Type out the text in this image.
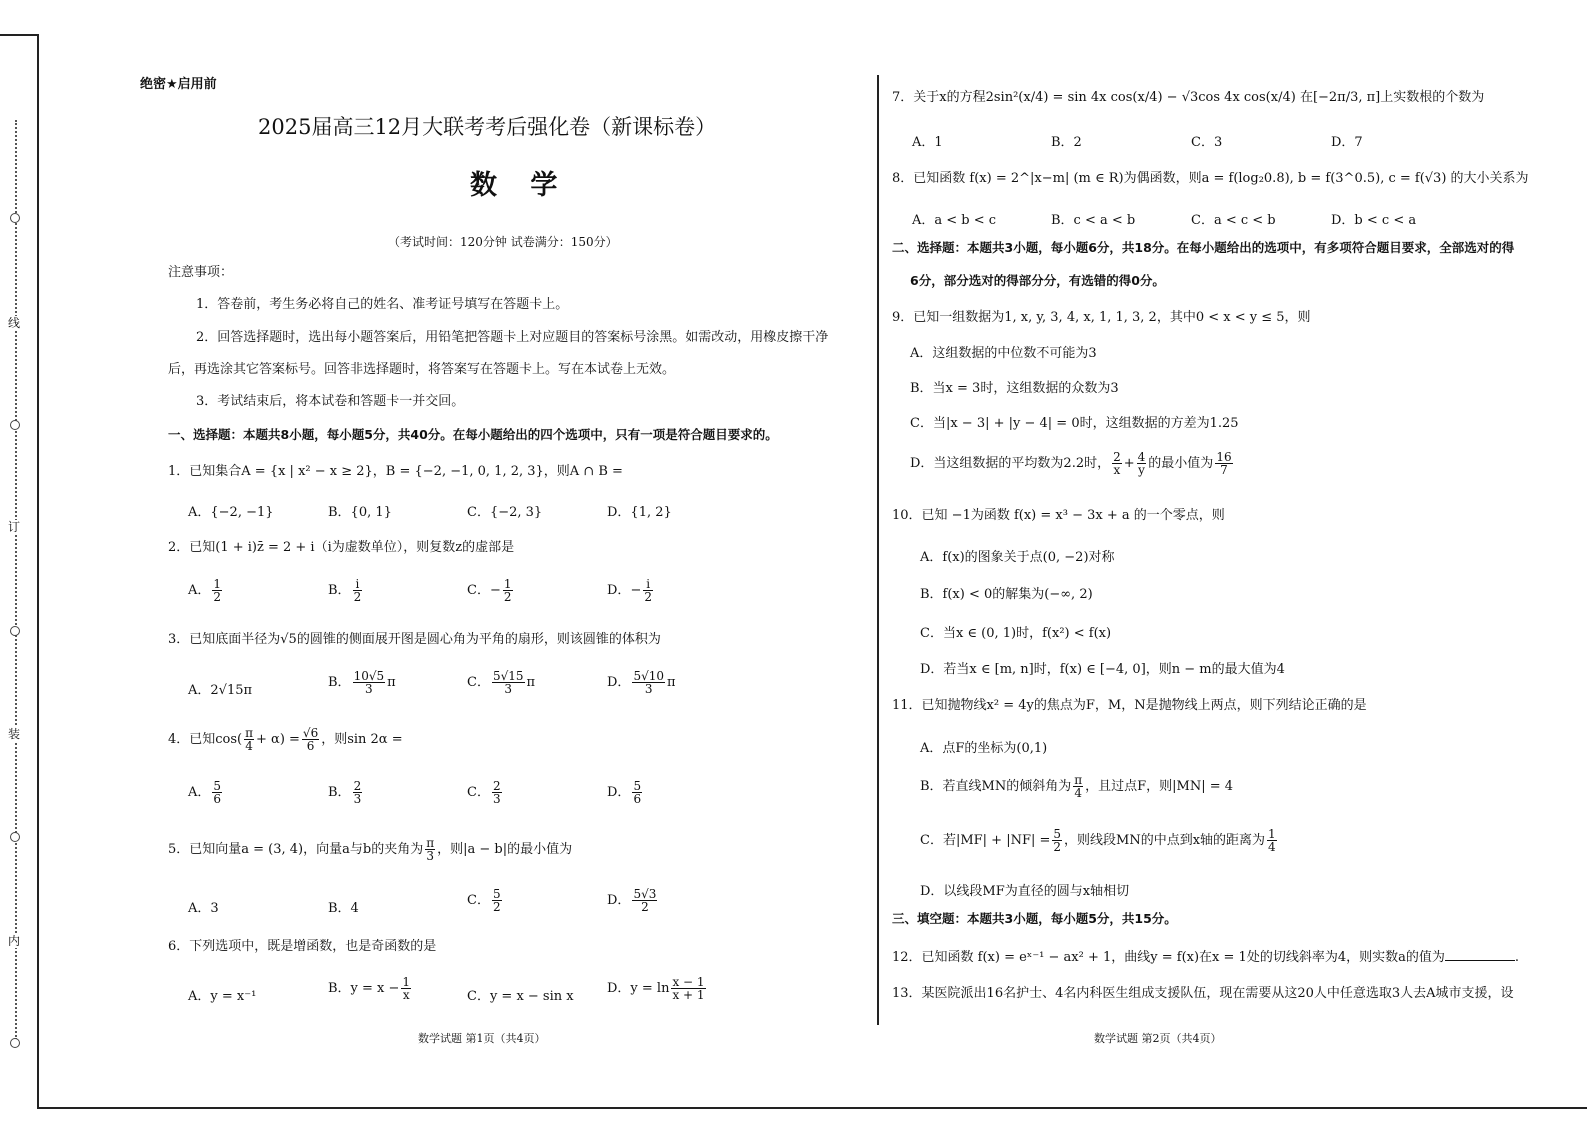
线
订
装
内
绝密★启用前
2025届高三12月大联考考后强化卷（新课标卷）
数 学
（考试时间：120分钟 试卷满分：150分）
注意事项：
1．答卷前，考生务必将自己的姓名、准考证号填写在答题卡上。
2．回答选择题时，选出每小题答案后，用铅笔把答题卡上对应题目的答案标号涂黑。如需改动，用橡皮擦干净
后，再选涂其它答案标号。回答非选择题时，将答案写在答题卡上。写在本试卷上无效。
3．考试结束后，将本试卷和答题卡一并交回。
一、选择题：本题共8小题，每小题5分，共40分。在每小题给出的四个选项中，只有一项是符合题目要求的。
1．已知集合A = {x | x² − x ≥ 2}，B = {−2, −1, 0, 1, 2, 3}，则A ∩ B =
A．{−2, −1}	B．{0, 1}	C．{−2, 3}	D．{1, 2}
2．已知(1 + i)z̄ = 2 + i（i为虚数单位），则复数z的虚部是
A． $\frac{1}{2}$	B． $\frac{i}{2}$	C．− $\frac{1}{2}$	D．− $\frac{i}{2}$
3．已知底面半径为√5的圆锥的侧面展开图是圆心角为平角的扇形，则该圆锥的体积为
A．2√15π
B． $\frac{10√5}{3}$ π	C． $\frac{5√15}{3}$ π	D． $\frac{5√10}{3}$ π
4．已知$\cos( \frac{\pi}{4} + \alpha) = \frac{√6}{6}$ ，则sin 2α =
A． $\frac{5}{6}$	B． $\frac{2}{3}$	C． $\frac{2}{3}$	D． $\frac{5}{6}$
5．已知向量a = (3, 4)，向量a与b的夹角为 $\frac{\pi}{3}$ ，则|a − b|的最小值为
A．3	B．4
C． $\frac{5}{2}$	D． $\frac{5√3}{2}$
6．下列选项中，既是增函数，也是奇函数的是
A．y = x⁻¹
B．$y = x - \frac{1}{x}$	C．y = x − sin x
D．$y = \ln \frac{x - 1}{x + 1}$
数学试题 第1页（共4页）
7．关于x的方程2sin²(x/4) = sin 4x cos(x/4) − √3cos 4x cos(x/4) 在[−2π/3, π]上实数根的个数为
A．1	B．2	C．3	D．7
8．已知函数 f(x) = 2^|x−m| (m ∈ R)为偶函数，则a = f(log₂0.8), b = f(3^0.5), c = f(√3) 的大小关系为
A．a < b < c	B．c < a < b	C．a < c < b	D．b < c < a
二、选择题：本题共3小题，每小题6分，共18分。在每小题给出的选项中，有多项符合题目要求，全部选对的得
6分，部分选对的得部分分，有选错的得0分。
9．已知一组数据为1, x, y, 3, 4, x, 1, 1, 3, 2，其中0 < x < y ≤ 5，则
A．这组数据的中位数不可能为3
B．当x = 3时，这组数据的众数为3
C．当|x − 3| + |y − 4| = 0时，这组数据的方差为1.25
D．当这组数据的平均数为2.2时， $\frac{2}{x} + \frac{4}{y}$ 的最小值为 $\frac{16}{7}$
10．已知 −1为函数 f(x) = x³ − 3x + a 的一个零点，则
A．f(x)的图象关于点(0, −2)对称
B．f(x) < 0的解集为(−∞, 2)
C．当x ∈ (0, 1)时，f(x²) < f(x)
D．若当x ∈ [m, n]时，f(x) ∈ [−4, 0]，则n − m的最大值为4
11．已知抛物线x² = 4y的焦点为F，M，N是抛物线上两点，则下列结论正确的是
A．点F的坐标为(0,1)
B．若直线MN的倾斜角为 $\frac{\pi}{4}$ ，且过点F，则|MN| = 4
C．若$|MF| + |NF| = \frac{5}{2}$ ，则线段MN的中点到x轴的距离为 $\frac{1}{4}$
D．以线段MF为直径的圆与x轴相切
三、填空题：本题共3小题，每小题5分，共15分。
12．已知函数 f(x) = eˣ⁻¹ − ax² + 1，曲线y = f(x)在x = 1处的切线斜率为4，则实数a的值为	.
13．某医院派出16名护士、4名内科医生组成支援队伍，现在需要从这20人中任意选取3人去A城市支援，设
数学试题 第2页（共4页）
